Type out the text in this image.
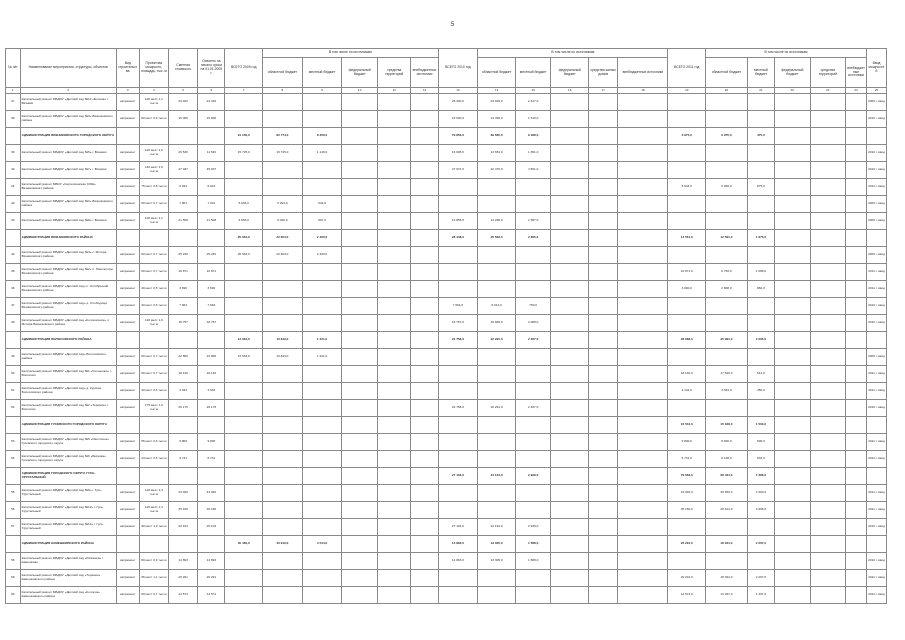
5
№ п/п	Наименование мероприятия, структуры, объектов	Вид строительства	Проектная мощность, площадь, тыс. м	Сметная стоимость	Освоено на начало срока на 01.01.2009 г.	ВСЕГО 2009 год	В том числе по источникам					ВСЕГО 2010 год	В том числе по источникам					ВСЕГО 2011 год	В том числе по источникам					Ввод мощностей
							областной бюджет	местный бюджет	федеральный бюджет	средства территорий	внебюджетные источники		областной бюджет	местный бюджет	федеральный бюджет	средства жилых домов	внебюджетные источники		областной бюджет	местный бюджет	федеральный бюджет	средства территорий	внебюджетные источники	
1	2	3	4	5	6	7	8	9	10	11	12	13	14	15	16	17	18	19	20	21	22	23	24	25
37	Капитальный ремонт МБДОУ «Детский сад №12 «Ёлочка» г. Вязники	капремонт	100 мест 1,1 тыс.м	26 400	24 445							26 400,0	23 925,0	2 447,0										2009 г. ввод
38	Капитальный ремонт МБДОУ «Детский сад №3» Вязниковского района	капремонт	80 мест 0,9 тыс.м	15 000	15 000							15 000,0	13 490,0	1 510,0										2010 г. ввод
	АДМИНИСТРАЦИЯ ВЯЗНИКОВСКОГО ГОРОДСКОГО ОКРУГА					91 130,0	82 774,0	8 356,0				79 853,0	69 665,0	9 188,0				6 975,0	6 975,0	475,0				
39	Капитальный ремонт МБДОУ «Детский сад №5» г. Вязники	капремонт	140 мест 1,6 тыс.м	26 530	11 526	15 725,0	15 725,0	1 149,0				15 005,0	13 654,0	1 351,0										2010 г. ввод
40	Капитальный ремонт МБДОУ «Детский сад №7» г. Вязники	капремонт	140 мест 1,6 тыс.м	47 037	45 037							47 037,0	42 476,0	4 561,0										2010 г. ввод
41	Капитальный ремонт МБОУ «Сергеихинская СОШ» Вязниковского района	капремонт	75 мест 0,8 тыс.м	6 944	6 944													6 944,0	6 069,0	875,0				2011 г. ввод
42	Капитальный ремонт МБДОУ «Детский сад №3» Вязниковского района	капремонт	60 мест 0,7 тыс.м	7 001	7 001	6 936,0	6 294,0	642,0																2009 г. ввод
43	Капитальный ремонт МБДОУ «Детский сад №8» г. Вязники	капремонт	100 мест 1,1 тыс.м	21 508	21 508	6 653,0	6 046,0	607,0				14 855,0	13 268,0	1 587,0										2009 г. ввод
	АДМИНИСТРАЦИЯ ВЯЗНИКОВСКОГО РАЙОНА					25 064,0	22 604,0	2 460,0				28 448,0	25 583,0	2 865,0				14 561,0	12 591,0	1 970,0				
44	Капитальный ремонт МБДОУ «Детский сад №4» с. Мстёра Вязниковского района	капремонт	60 мест 0,7 тыс.м	25 240	25 240	25 064,0	22 604,0	2 460,0																2009 г. ввод
45	Капитальный ремонт МБДОУ «Детский сад №2» п. Никологоры Вязниковского района	капремонт	60 мест 0,7 тыс.м	10 871	10 871													10 871,0	9 783,0	1 088,0				2011 г. ввод
46	Капитальный ремонт МБДОУ «Детский сад» п. Октябрьский Вязниковского района	капремонт	40 мест 0,5 тыс.м	3 690	3 690													3 690,0	2 808,0	882,0				2011 г. ввод
47	Капитальный ремонт МБДОУ «Детский сад» д. Слободищи Вязниковского района	капремонт	40 мест 0,5 тыс.м	7 664	7 664							7 664,0	6 914,0	750,0										2010 г. ввод
48	Капитальный ремонт МБДОУ «Детский сад «Колокольчик» п. Мстёра Вязниковского района	капремонт	140 мест 1,6 тыс.м	18 757	18 757							18 757,0	16 669,0	2 088,0										2010 г. ввод
	АДМИНИСТРАЦИЯ ВОЛОСОВСКОГО РАЙОНА					12 064,0	10 843,0	1 221,0				24 758,0	22 291,0	2 467,0				28 686,0	25 991,0	2 695,0				
49	Капитальный ремонт МБДОУ «Детский сад» Волосовского района	капремонт	60 мест 0,7 тыс.м	22 800	22 800	12 064,0	10 843,0	1 221,0																2009 г. ввод
50	Капитальный ремонт МБДОУ «Детский сад №1 «Солнышко» г. Волосово	капремонт	60 мест 0,7 тыс.м	18 140	18 140													18 140,0	17 626,0	514,0				2011 г. ввод
51	Капитальный ремонт МБДОУ «Детский сад» д. Курское Волосовского района	капремонт	40 мест 0,5 тыс.м	3 934	3 934													4 104,0	3 654,0	450,0				2011 г. ввод
52	Капитальный ремонт МБДОУ «Детский сад №2 «Теремок» г. Волосово	капремонт	175 мест 1,9 тыс.м	26 175	26 175							24 758,0	22 291,0	2 467,0										2010 г. ввод
	АДМИНИСТРАЦИЯ ГУСЕВСКОГО ГОРОДСКОГО ОКРУГА																	16 531,0	15 028,0	1 503,0				
53	Капитальный ремонт МБДОУ «Детский сад №5 «Светлячок» Гусевского городского округа	капремонт	55 мест 0,6 тыс.м	9 800	9 800													9 800,0	8 900,0	900,0				2011 г. ввод
54	Капитальный ремонт МБДОУ «Детский сад №6 «Березка» Гусевского городского округа	капремонт	44 мест 0,5 тыс.м	6 731	6 731													6 731,0	6 128,0	603,0				2011 г. ввод
	АДМИНИСТРАЦИЯ ГОРОДСКОГО ОКРУГА ГУСЬ-ХРУСТАЛЬНЫЙ											27 103,0	24 164,0	2 939,0				79 663,0	68 464,0	7 386,0				
55	Капитальный ремонт МБДОУ «Детский сад №9» г. Гусь-Хрустальный	капремонт	120 мест 1,4 тыс.м	43 040	43 040													43 040,0	39 650,0	3 390,0				2011 г. ввод
56	Капитальный ремонт МБДОУ «Детский сад №12» г. Гусь-Хрустальный	капремонт	120 мест 1,3 тыс.м	35 160	35 160													35 160,0	28 814,0	3 996,0				2011 г. ввод
57	Капитальный ремонт МБДОУ «Детский сад №14» г. Гусь-Хрустальный	капремонт	90 мест 1,0 тыс.м	26 103	26 103							27 103,0	24 164,0	2 939,0										2010 г. ввод
	АДМИНИСТРАЦИЯ КАМЕШКОВСКОГО РАЙОНА					45 460,0	40 916,0	4 544,0				14 893,0	13 305,0	1 588,0				20 291,0	18 024,0	2 267,0				
58	Капитальный ремонт МБДОУ «Детский сад «Ромашка» г. Камешково	капремонт	80 мест 0,9 тыс.м	14 893	14 893							14 893,0	13 305,0	1 588,0										2010 г. ввод
59	Капитальный ремонт МБДОУ «Детский сад «Теремок» Камешковского района	капремонт	95 мест 1,1 тыс.м	20 291	20 291													20 291,0	18 024,0	2 267,0				2011 г. ввод
60	Капитальный ремонт МБДОУ «Детский сад «Колосок» Камешковского района	капремонт	60 мест 0,7 тыс.м	14 574	14 574													14 574,0	13 267,0	1 307,0				2011 г. ввод
